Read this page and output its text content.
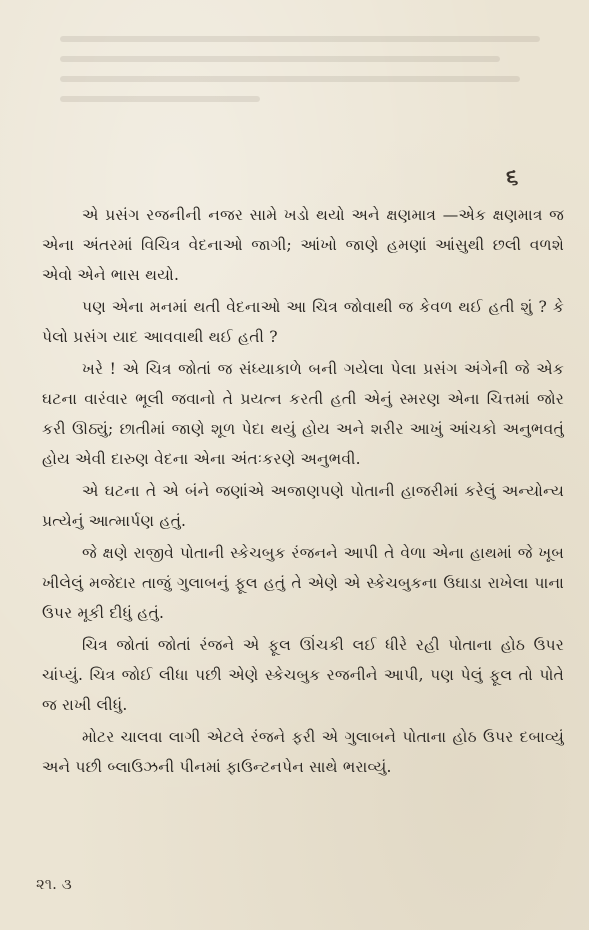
૬

એ પ્રસંગ રજનીની નજર સામે ખડો થયો અને ક્ષણમાત્ર —એક ક્ષણમાત્ર જ એના અંતરમાં વિચિત્ર વેદનાઓ જાગી; આંખો જાણે હમણાં આંસુથી છલી વળશે એવો એને ભાસ થયો.

પણ એના મનમાં થતી વેદનાઓ આ ચિત્ર જોવાથી જ કેવળ થઈ હતી શું ? કે પેલો પ્રસંગ યાદ આવવાથી થઈ હતી ?

ખરે ! એ ચિત્ર જોતાં જ સંધ્યાકાળે બની ગયેલા પેલા પ્રસંગ અંગેની જે એક ઘટના વારંવાર ભૂલી જવાનો તે પ્રયત્ન કરતી હતી એનું સ્મરણ એના ચિત્તમાં જોર કરી ઊઠ્યું; છાતીમાં જાણે શૂળ પેદા થયું હોય અને શરીર આખું આંચકો અનુભવતું હોય એવી દારુણ વેદના એના અંતઃકરણે અનુભવી.

એ ઘટના તે એ બંને જણાંએ અજાણપણે પોતાની હાજરીમાં કરેલું અન્યોન્ય પ્રત્યેનું આત્માર્પણ હતું.

જે ક્ષણે રાજીવે પોતાની સ્કેચબુક રંજનને આપી તે વેળા એના હાથમાં જે ખૂબ ખીલેલું મજેદાર તાજું ગુલાબનું ફૂલ હતું તે એણે એ સ્કેચબુકના ઉઘાડા રાખેલા પાના ઉપર મૂકી દીધું હતું.

ચિત્ર જોતાં જોતાં રંજને એ ફૂલ ઊંચકી લઈ ધીરે રહી પોતાના હોઠ ઉપર ચાંપ્યું. ચિત્ર જોઈ લીધા પછી એણે સ્કેચબુક રજનીને આપી, પણ પેલું ફૂલ તો પોતે જ રાખી લીધું.

મોટર ચાલવા લાગી એટલે રંજને ફરી એ ગુલાબને પોતાના હોઠ ઉપર દબાવ્યું અને પછી બ્લાઉઝની પીનમાં ફાઉન્ટનપેન સાથે ભરાવ્યું.

૨૧. ૩
